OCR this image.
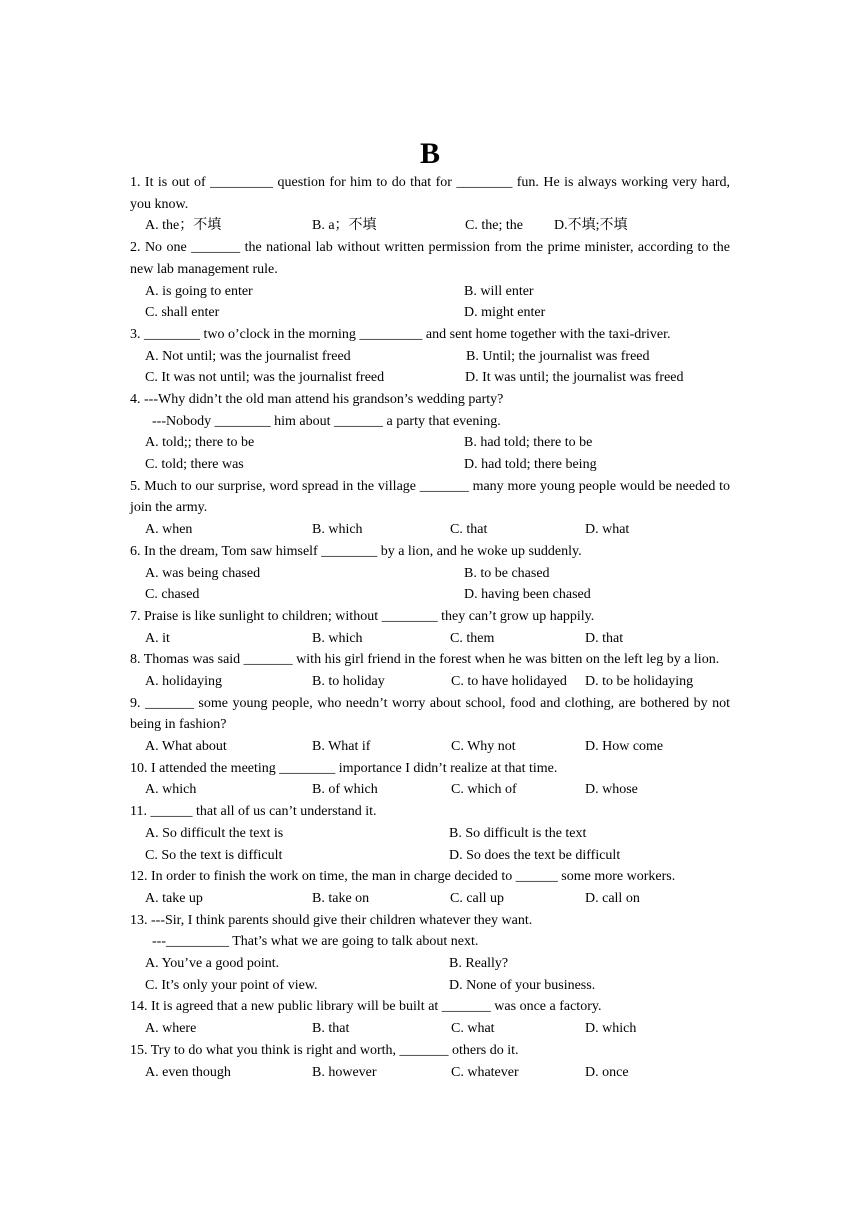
B
1. It is out of _________ question for him to do that for ________ fun. He is always working very hard, you know.
A. the；不填	B. a；不填	C. the; the D.不填;不填
2. No one _______ the national lab without written permission from the prime minister, according to the new lab management rule.
A. is going to enter	B. will enter
C. shall enter	D. might enter
3. ________ two o’clock in the morning _________ and sent home together with the taxi-driver.
A. Not until; was the journalist freed	B. Until; the journalist was freed
C. It was not until; was the journalist freed	D. It was until; the journalist was freed
4. ---Why didn’t the old man attend his grandson’s wedding party?
---Nobody ________ him about _______ a party that evening.
A. told;; there to be	B. had told; there to be
C. told; there was	D. had told; there being
5. Much to our surprise, word spread in the village _______ many more young people would be needed to join the army.
A. when	B. which	C. that	D. what
6. In the dream, Tom saw himself ________ by a lion, and he woke up suddenly.
A. was being chased	B. to be chased
C. chased	D. having been chased
7. Praise is like sunlight to children; without ________ they can’t grow up happily.
A. it	B. which	C. them	D. that
8. Thomas was said _______ with his girl friend in the forest when he was bitten on the left leg by a lion.
A. holidaying	B. to holiday	C. to have holidayed D. to be holidaying
9. _______ some young people, who needn’t worry about school, food and clothing, are bothered by not being in fashion?
A. What about	B. What if	C. Why not	D. How come
10. I attended the meeting ________ importance I didn’t realize at that time.
A. which	B. of which	C. which of	D. whose
11. ______ that all of us can’t understand it.
A. So difficult the text is	B. So difficult is the text
C. So the text is difficult	D. So does the text be difficult
12. In order to finish the work on time, the man in charge decided to ______ some more workers.
A. take up	B. take on	C. call up	D. call on
13. ---Sir, I think parents should give their children whatever they want.
---_________ That’s what we are going to talk about next.
A. You’ve a good point.	B. Really?
C. It’s only your point of view.	D. None of your business.
14. It is agreed that a new public library will be built at _______ was once a factory.
A. where	B. that	C. what	D. which
15. Try to do what you think is right and worth, _______ others do it.
A. even though	B. however	C. whatever	D. once
